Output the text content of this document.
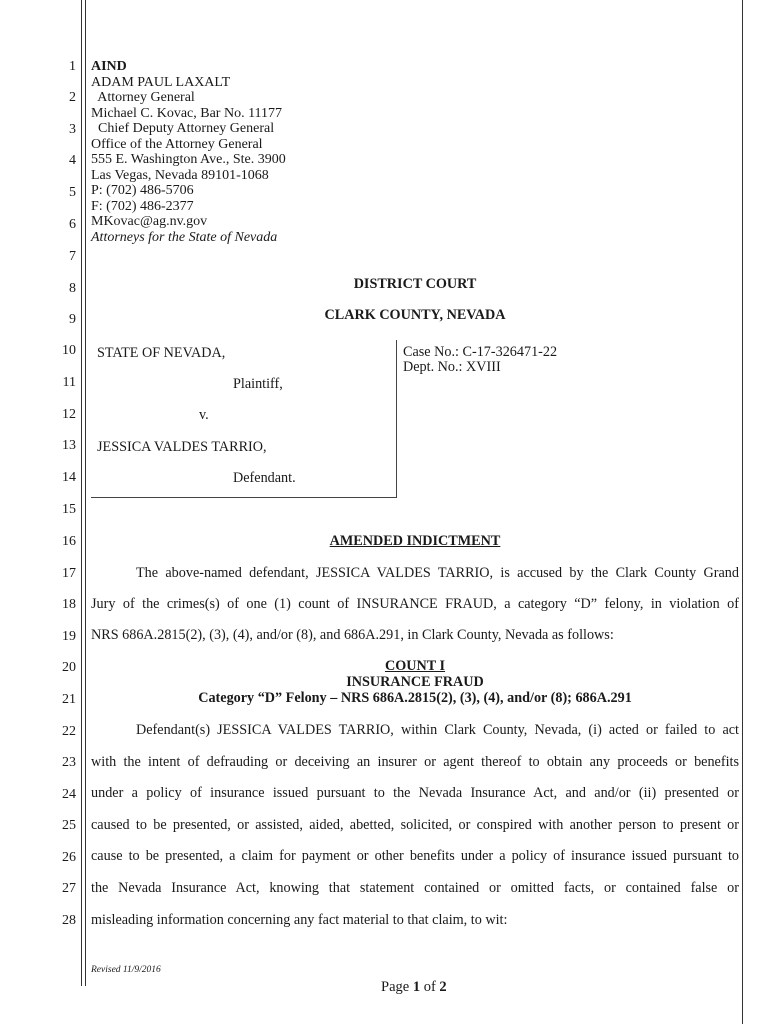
1
2
3
4
5
6
7
8
9
10
11
12
13
14
15
16
17
18
19
20
21
22
23
24
25
26
27
28
AIND
ADAM PAUL LAXALT
Attorney General
Michael C. Kovac, Bar No. 11177
Chief Deputy Attorney General
Office of the Attorney General
555 E. Washington Ave., Ste. 3900
Las Vegas, Nevada 89101-1068
P: (702) 486-5706
F: (702) 486-2377
MKovac@ag.nv.gov
Attorneys for the State of Nevada
DISTRICT COURT
CLARK COUNTY, NEVADA
STATE OF NEVADA,
Plaintiff,
v.
JESSICA VALDES TARRIO,
Defendant.
Case No.: C-17-326471-22
Dept. No.: XVIII
AMENDED INDICTMENT
The above-named defendant, JESSICA VALDES TARRIO, is accused by the Clark County Grand
Jury of the crimes(s) of one (1) count of INSURANCE FRAUD, a category “D” felony, in violation of
NRS 686A.2815(2), (3), (4), and/or (8), and 686A.291, in Clark County, Nevada as follows:
COUNT I
INSURANCE FRAUD
Category “D” Felony – NRS 686A.2815(2), (3), (4), and/or (8); 686A.291
Defendant(s) JESSICA VALDES TARRIO, within Clark County, Nevada, (i) acted or failed to act
with the intent of defrauding or deceiving an insurer or agent thereof to obtain any proceeds or benefits
under a policy of insurance issued pursuant to the Nevada Insurance Act, and and/or (ii) presented or
caused to be presented, or assisted, aided, abetted, solicited, or conspired with another person to present or
cause to be presented, a claim for payment or other benefits under a policy of insurance issued pursuant to
the Nevada Insurance Act, knowing that statement contained or omitted facts, or contained false or
misleading information concerning any fact material to that claim, to wit:
Revised 11/9/2016
Page 1 of 2
